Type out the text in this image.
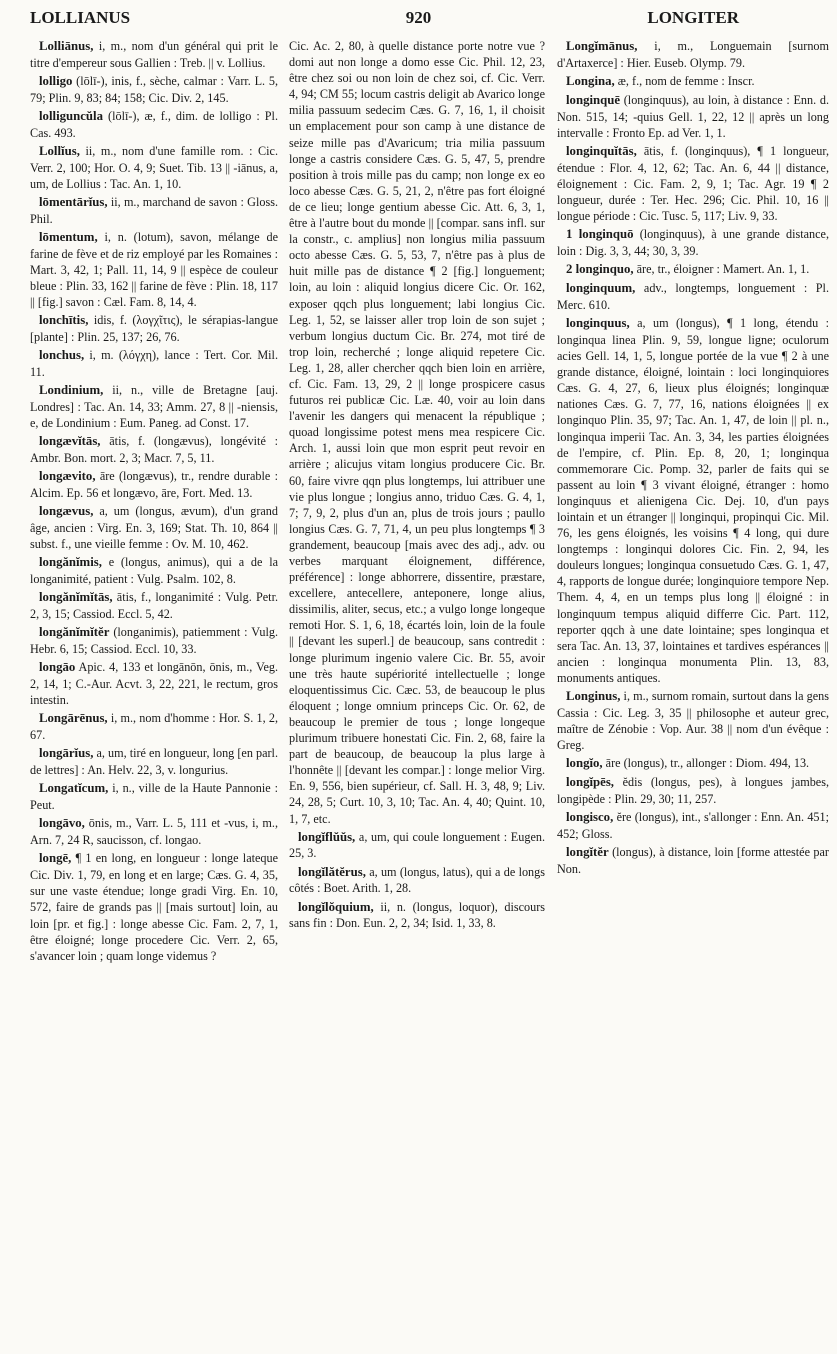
LOLLIANUS	920	LONGITER

Lolliānus, i, m., nom d'un général qui prit le titre d'empereur sous Gallien : Treb. || v. Lollius.

lolligo (lōlī-), inis, f., sèche, calmar : Varr. L. 5, 79; Plin. 9, 83; 84; 158; Cic. Div. 2, 145.

lolliguncŭla (lōlī-), æ, f., dim. de lolligo : Pl. Cas. 493.

Lollĭus, ii, m., nom d'une famille rom. : Cic. Verr. 2, 100; Hor. O. 4, 9; Suet. Tib. 13 || -iānus, a, um, de Lollius : Tac. An. 1, 10.

lōmentārĭus, ii, m., marchand de savon : Gloss. Phil.

lōmentum, i, n. (lotum), savon, mélange de farine de fève et de riz employé par les Romaines : Mart. 3, 42, 1; Pall. 11, 14, 9 || espèce de couleur bleue : Plin. 33, 162 || farine de fève : Plin. 18, 117 || [fig.] savon : Cæl. Fam. 8, 14, 4.

lonchītis, idis, f. (λογχῖτις), le sérapias-langue [plante] : Plin. 25, 137; 26, 76.

lonchus, i, m. (λόγχη), lance : Tert. Cor. Mil. 11.

Londinium, ii, n., ville de Bretagne [auj. Londres] : Tac. An. 14, 33; Amm. 27, 8 || -niensis, e, de Londinium : Eum. Paneg. ad Const. 17.

longævĭtās, ātis, f. (longævus), longévité : Ambr. Bon. mort. 2, 3; Macr. 7, 5, 11.

longævito, āre (longævus), tr., rendre durable : Alcim. Ep. 56 et longævo, āre, Fort. Med. 13.

longævus, a, um (longus, ævum), d'un grand âge, ancien : Virg. En. 3, 169; Stat. Th. 10, 864 || subst. f., une vieille femme : Ov. M. 10, 462.

longănĭmis, e (longus, animus), qui a de la longanimité, patient : Vulg. Psalm. 102, 8.

longănĭmĭtās, ātis, f., longanimité : Vulg. Petr. 2, 3, 15; Cassiod. Eccl. 5, 42.

longănĭmĭtĕr (longanimis), patiemment : Vulg. Hebr. 6, 15; Cassiod. Eccl. 10, 33.

longāo Apic. 4, 133 et longānōn, ōnis, m., Veg. 2, 14, 1; C.-Aur. Acvt. 3, 22, 221, le rectum, gros intestin.

Longārēnus, i, m., nom d'homme : Hor. S. 1, 2, 67.

longārĭus, a, um, tiré en longueur, long [en parl. de lettres] : An. Helv. 22, 3, v. longurius.

Longatĭcum, i, n., ville de la Haute Pannonie : Peut.

longāvo, ōnis, m., Varr. L. 5, 111 et -vus, i, m., Arn. 7, 24 R, saucisson, cf. longao.

longē, ¶ 1 en long, en longueur : longe lateque Cic. Div. 1, 79, en long et en large; Cæs. G. 4, 35, sur une vaste étendue; longe gradi Virg. En. 10, 572, faire de grands pas || [mais surtout] loin, au loin [pr. et fig.] : longe abesse Cic. Fam. 2, 7, 1, être éloigné; longe procedere Cic. Verr. 2, 65, s'avancer loin ; quam longe videmus ?

Cic. Ac. 2, 80, à quelle distance porte notre vue ? domi aut non longe a domo esse Cic. Phil. 12, 23, être chez soi ou non loin de chez soi, cf. Cic. Verr. 4, 94; CM 55; locum castris deligit ab Avarico longe milia passuum sedecim Cæs. G. 7, 16, 1, il choisit un emplacement pour son camp à une distance de seize mille pas d'Avaricum; tria milia passuum longe a castris considere Cæs. G. 5, 47, 5, prendre position à trois mille pas du camp; non longe ex eo loco abesse Cæs. G. 5, 21, 2, n'être pas fort éloigné de ce lieu; longe gentium abesse Cic. Att. 6, 3, 1, être à l'autre bout du monde || [compar. sans infl. sur la constr., c. amplius] non longius milia passuum octo abesse Cæs. G. 5, 53, 7, n'être pas à plus de huit mille pas de distance ¶ 2 [fig.] longuement; loin, au loin : aliquid longius dicere Cic. Or. 162, exposer qqch plus longuement; labi longius Cic. Leg. 1, 52, se laisser aller trop loin de son sujet ; verbum longius ductum Cic. Br. 274, mot tiré de trop loin, recherché ; longe aliquid repetere Cic. Leg. 1, 28, aller chercher qqch bien loin en arrière, cf. Cic. Fam. 13, 29, 2 || longe prospicere casus futuros rei publicæ Cic. Læ. 40, voir au loin dans l'avenir les dangers qui menacent la république ; quoad longissime potest mens mea respicere Cic. Arch. 1, aussi loin que mon esprit peut revoir en arrière ; alicujus vitam longius producere Cic. Br. 60, faire vivre qqn plus longtemps, lui attribuer une vie plus longue ; longius anno, triduo Cæs. G. 4, 1, 7; 7, 9, 2, plus d'un an, plus de trois jours ; paullo longius Cæs. G. 7, 71, 4, un peu plus longtemps ¶ 3 grandement, beaucoup [mais avec des adj., adv. ou verbes marquant éloignement, différence, préférence] : longe abhorrere, dissentire, præstare, excellere, antecellere, anteponere, longe alius, dissimilis, aliter, secus, etc.; a vulgo longe longeque remoti Hor. S. 1, 6, 18, écartés loin, loin de la foule || [devant les superl.] de beaucoup, sans contredit : longe plurimum ingenio valere Cic. Br. 55, avoir une très haute supériorité intellectuelle ; longe eloquentissimus Cic. Cæc. 53, de beaucoup le plus éloquent ; longe omnium princeps Cic. Or. 62, de beaucoup le premier de tous ; longe longeque plurimum tribuere honestati Cic. Fin. 2, 68, faire la part de beaucoup, de beaucoup la plus large à l'honnête || [devant les compar.] : longe melior Virg. En. 9, 556, bien supérieur, cf. Sall. H. 3, 48, 9; Liv. 24, 28, 5; Curt. 10, 3, 10; Tac. An. 4, 40; Quint. 10, 1, 7, etc.

longĭflŭŭs, a, um, qui coule longuement : Eugen. 25, 3.

longĭlătĕrus, a, um (longus, latus), qui a de longs côtés : Boet. Arith. 1, 28.

longĭlŏquium, ii, n. (longus, loquor), discours sans fin : Don. Eun. 2, 2, 34; Isid. 1, 33, 8.

Longĭmānus, i, m., Longuemain [surnom d'Artaxerce] : Hier. Euseb. Olymp. 79.

Longina, æ, f., nom de femme : Inscr.

longinquē (longinquus), au loin, à distance : Enn. d. Non. 515, 14; -quius Gell. 1, 22, 12 || après un long intervalle : Fronto Ep. ad Ver. 1, 1.

longinquĭtās, ātis, f. (longinquus), ¶ 1 longueur, étendue : Flor. 4, 12, 62; Tac. An. 6, 44 || distance, éloignement : Cic. Fam. 2, 9, 1; Tac. Agr. 19 ¶ 2 longueur, durée : Ter. Hec. 296; Cic. Phil. 10, 16 || longue période : Cic. Tusc. 5, 117; Liv. 9, 33.

1 longinquō (longinquus), à une grande distance, loin : Dig. 3, 3, 44; 30, 3, 39.

2 longinquo, āre, tr., éloigner : Mamert. An. 1, 1.

longinquum, adv., longtemps, longuement : Pl. Merc. 610.

longinquus, a, um (longus), ¶ 1 long, étendu : longinqua linea Plin. 9, 59, longue ligne; oculorum acies Gell. 14, 1, 5, longue portée de la vue ¶ 2 à une grande distance, éloigné, lointain : loci longinquiores Cæs. G. 4, 27, 6, lieux plus éloignés; longinquæ nationes Cæs. G. 7, 77, 16, nations éloignées || ex longinquo Plin. 35, 97; Tac. An. 1, 47, de loin || pl. n., longinqua imperii Tac. An. 3, 34, les parties éloignées de l'empire, cf. Plin. Ep. 8, 20, 1; longinqua commemorare Cic. Pomp. 32, parler de faits qui se passent au loin ¶ 3 vivant éloigné, étranger : homo longinquus et alienigena Cic. Dej. 10, d'un pays lointain et un étranger || longinqui, propinqui Cic. Mil. 76, les gens éloignés, les voisins ¶ 4 long, qui dure longtemps : longinqui dolores Cic. Fin. 2, 94, les douleurs longues; longinqua consuetudo Cæs. G. 1, 47, 4, rapports de longue durée; longinquiore tempore Nep. Them. 4, 4, en un temps plus long || éloigné : in longinquum tempus aliquid differre Cic. Part. 112, reporter qqch à une date lointaine; spes longinqua et sera Tac. An. 13, 37, lointaines et tardives espérances || ancien : longinqua monumenta Plin. 13, 83, monuments antiques.

Longinus, i, m., surnom romain, surtout dans la gens Cassia : Cic. Leg. 3, 35 || philosophe et auteur grec, maître de Zénobie : Vop. Aur. 38 || nom d'un évêque : Greg.

longĭo, āre (longus), tr., allonger : Diom. 494, 13.

longĭpēs, ĕdis (longus, pes), à longues jambes, longipède : Plin. 29, 30; 11, 257.

longisco, ĕre (longus), int., s'allonger : Enn. An. 451; 452; Gloss.

longĭtĕr (longus), à distance, loin [forme attestée par Non.
